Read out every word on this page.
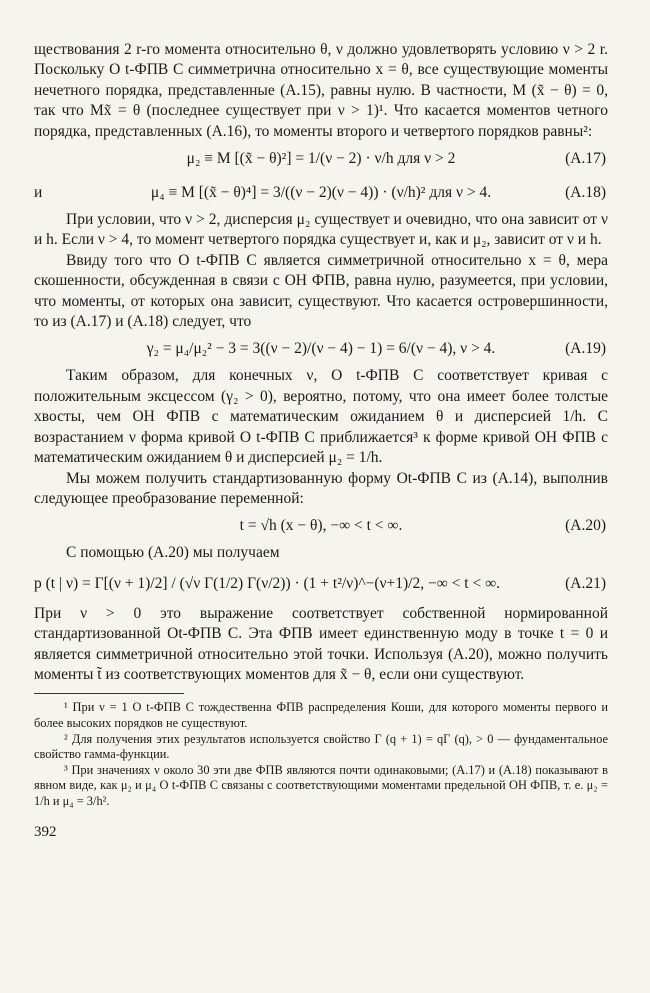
ществования 2 r-го момента относительно θ, ν должно удовлетворять условию ν > 2 r. Поскольку О t-ФПВ С симметрична относительно x = θ, все существующие моменты нечетного порядка, представленные (А.15), равны нулю. В частности, M (x̃ − θ) = 0, так что Mx̃ = θ (последнее существует при ν > 1)¹. Что касается моментов четного порядка, представленных (А.16), то моменты второго и четвертого порядков равны²:

μ₂ ≡ M [(x̃ − θ)²] = 1/(ν − 2) · ν/h для ν > 2	(А.17)
и	μ₄ ≡ M [(x̃ − θ)⁴] = 3/((ν − 2)(ν − 4)) · (ν/h)² для ν > 4.	(А.18)

При условии, что ν > 2, дисперсия μ₂ существует и очевидно, что она зависит от ν и h. Если ν > 4, то момент четвертого порядка существует и, как и μ₂, зависит от ν и h.

Ввиду того что О t-ФПВ С является симметричной относительно x = θ, мера скошенности, обсужденная в связи с ОН ФПВ, равна нулю, разумеется, при условии, что моменты, от которых она зависит, существуют. Что касается островершинности, то из (А.17) и (А.18) следует, что

γ₂ = μ₄/μ₂² − 3 = 3((ν − 2)/(ν − 4) − 1) = 6/(ν − 4), ν > 4.	(А.19)

Таким образом, для конечных ν, О t-ФПВ С соответствует кривая с положительным эксцессом (γ₂ > 0), вероятно, потому, что она имеет более толстые хвосты, чем ОН ФПВ с математическим ожиданием θ и дисперсией 1/h. С возрастанием ν форма кривой О t-ФПВ С приближается³ к форме кривой ОН ФПВ с математическим ожиданием θ и дисперсией μ₂ = 1/h.

Мы можем получить стандартизованную форму Оt-ФПВ С из (А.14), выполнив следующее преобразование переменной:

t = √h (x − θ), −∞ < t < ∞.	(А.20)

С помощью (А.20) мы получаем

p (t | ν) = Γ[(ν + 1)/2] / (√ν Γ(1/2) Γ(ν/2)) · (1 + t²/ν)^−(ν+1)/2, −∞ < t < ∞.	(А.21)

При ν > 0 это выражение соответствует собственной нормированной стандартизованной Оt-ФПВ С. Эта ФПВ имеет единственную моду в точке t = 0 и является симметричной относительно этой точки. Используя (А.20), можно получить моменты t̃ из соответствующих моментов для x̃ − θ, если они существуют.

¹ При ν = 1 О t-ФПВ С тождественна ФПВ распределения Коши, для которого моменты первого и более высоких порядков не существуют.

² Для получения этих результатов используется свойство Γ (q + 1) = qΓ (q), > 0 — фундаментальное свойство гамма-функции.

³ При значениях ν около 30 эти две ФПВ являются почти одинаковыми; (А.17) и (А.18) показывают в явном виде, как μ₂ и μ₄ О t-ФПВ С связаны с соответствующими моментами предельной ОН ФПВ, т. е. μ₂ = 1/h и μ₄ = 3/h².

392
